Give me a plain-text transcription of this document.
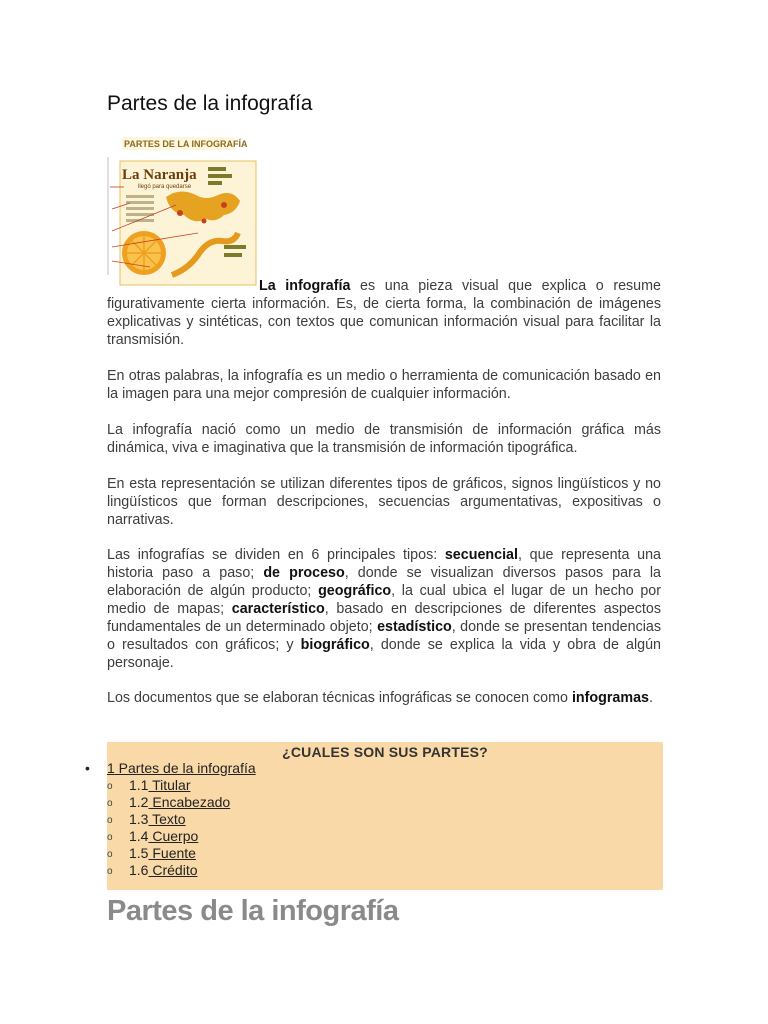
Partes de la infografía
PARTES DE LA INFOGRAFÍA
La Naranja
llegó para quedarse

La infografía es una pieza visual que explica o resume figurativamente cierta información. Es, de cierta forma, la combinación de imágenes explicativas y sintéticas, con textos que comunican información visual para facilitar la transmisión.

En otras palabras, la infografía es un medio o herramienta de comunicación basado en la imagen para una mejor compresión de cualquier información.

La infografía nació como un medio de transmisión de información gráfica más dinámica, viva e imaginativa que la transmisión de información tipográfica.

En esta representación se utilizan diferentes tipos de gráficos, signos lingüísticos y no lingüísticos que forman descripciones, secuencias argumentativas, expositivas o narrativas.

Las infografías se dividen en 6 principales tipos: secuencial, que representa una historia paso a paso; de proceso, donde se visualizan diversos pasos para la elaboración de algún producto; geográfico, la cual ubica el lugar de un hecho por medio de mapas; característico, basado en descripciones de diferentes aspectos fundamentales de un determinado objeto; estadístico, donde se presentan tendencias o resultados con gráficos; y biográfico, donde se explica la vida y obra de algún personaje.

Los documentos que se elaboran técnicas infográficas se conocen como infogramas.

¿CUALES SON SUS PARTES?
• 1 Partes de la infografía
o 1.1 Titular
o 1.2 Encabezado
o 1.3 Texto
o 1.4 Cuerpo
o 1.5 Fuente
o 1.6 Crédito
Partes de la infografía
